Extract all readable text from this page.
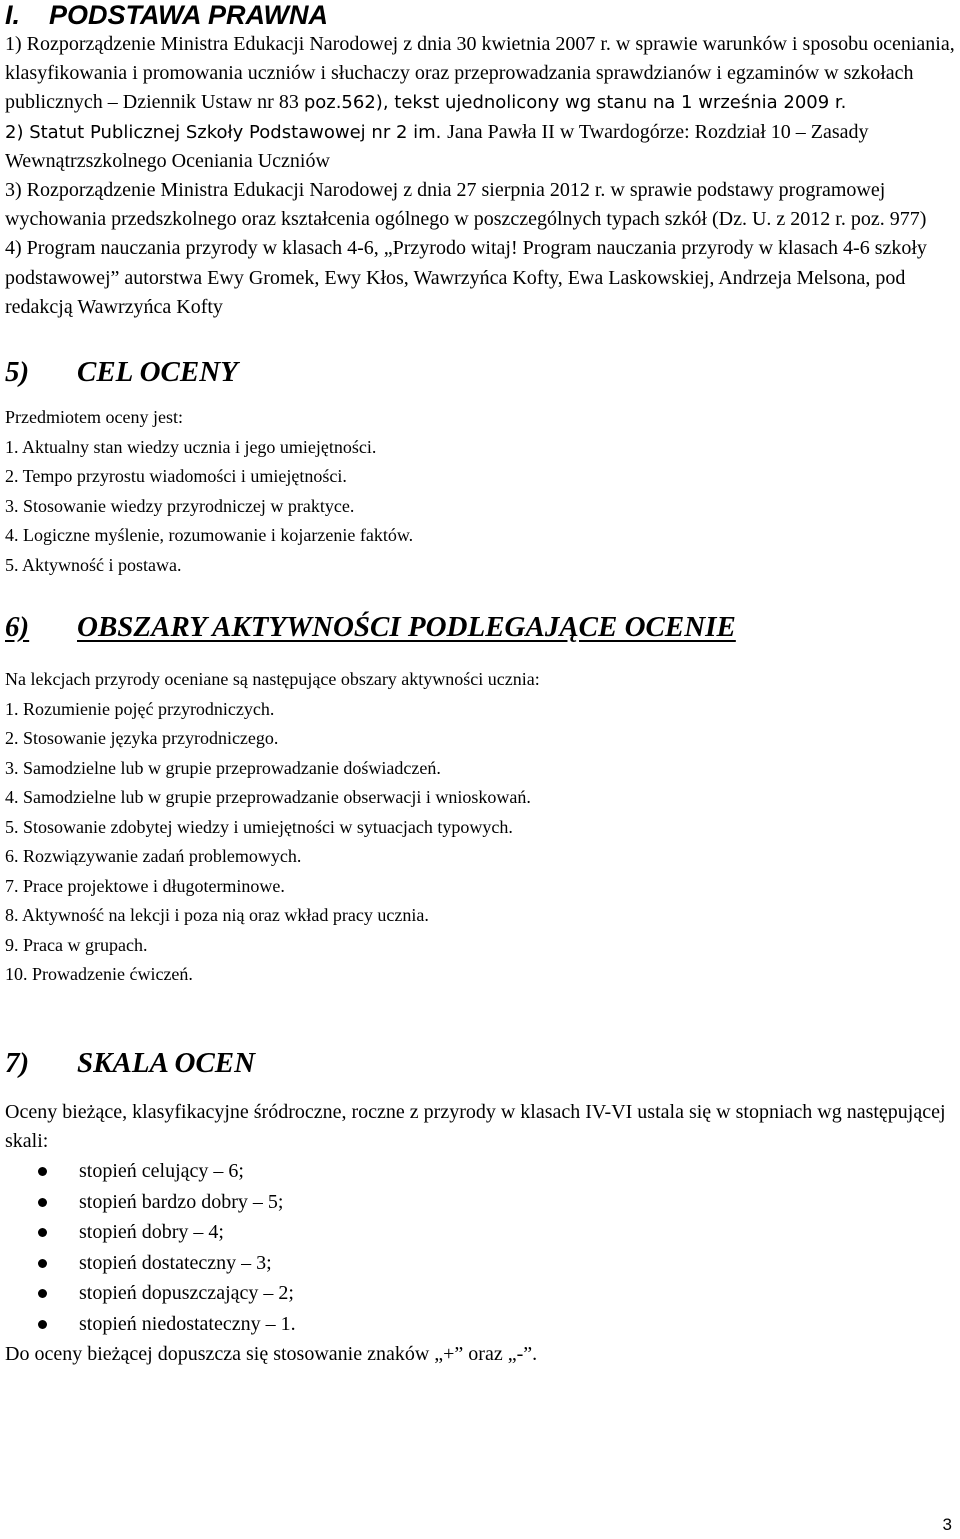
I. PODSTAWA PRAWNA

1) Rozporządzenie Ministra Edukacji Narodowej z dnia 30 kwietnia 2007 r. w sprawie warunków i sposobu oceniania, klasyfikowania i promowania uczniów i słuchaczy oraz przeprowadzania sprawdzianów i egzaminów w szkołach publicznych – Dziennik Ustaw nr 83 poz.562), tekst ujednolicony wg stanu na 1 września 2009 r.

2) Statut Publicznej Szkoły Podstawowej nr 2 im. Jana Pawła II w Twardogórze: Rozdział 10 – Zasady Wewnątrzszkolnego Oceniania Uczniów

3) Rozporządzenie Ministra Edukacji Narodowej z dnia 27 sierpnia 2012 r. w sprawie podstawy programowej wychowania przedszkolnego oraz kształcenia ogólnego w poszczególnych typach szkół (Dz. U. z 2012 r. poz. 977)

4) Program nauczania przyrody w klasach 4-6, „Przyrodo witaj! Program nauczania przyrody w klasach 4-6 szkoły podstawowej” autorstwa Ewy Gromek, Ewy Kłos, Wawrzyńca Kofty, Ewa Laskowskiej, Andrzeja Melsona, pod redakcją Wawrzyńca Kofty

5) CEL OCENY

Przedmiotem oceny jest:

1. Aktualny stan wiedzy ucznia i jego umiejętności.

2. Tempo przyrostu wiadomości i umiejętności.

3. Stosowanie wiedzy przyrodniczej w praktyce.

4. Logiczne myślenie, rozumowanie i kojarzenie faktów.

5. Aktywność i postawa.

6) OBSZARY AKTYWNOŚCI PODLEGAJĄCE OCENIE

Na lekcjach przyrody oceniane są następujące obszary aktywności ucznia:

1. Rozumienie pojęć przyrodniczych.

2. Stosowanie języka przyrodniczego.

3. Samodzielne lub w grupie przeprowadzanie doświadczeń.

4. Samodzielne lub w grupie przeprowadzanie obserwacji i wnioskowań.

5. Stosowanie zdobytej wiedzy i umiejętności w sytuacjach typowych.

6. Rozwiązywanie zadań problemowych.

7. Prace projektowe i długoterminowe.

8. Aktywność na lekcji i poza nią oraz wkład pracy ucznia.

9. Praca w grupach.

10. Prowadzenie ćwiczeń.

7) SKALA OCEN

Oceny bieżące, klasyfikacyjne śródroczne, roczne z przyrody w klasach IV-VI ustala się w stopniach wg następującej skali:

stopień celujący – 6;
stopień bardzo dobry – 5;
stopień dobry – 4;
stopień dostateczny – 3;
stopień dopuszczający – 2;
stopień niedostateczny – 1.

Do oceny bieżącej dopuszcza się stosowanie znaków „+” oraz „-”.

3
